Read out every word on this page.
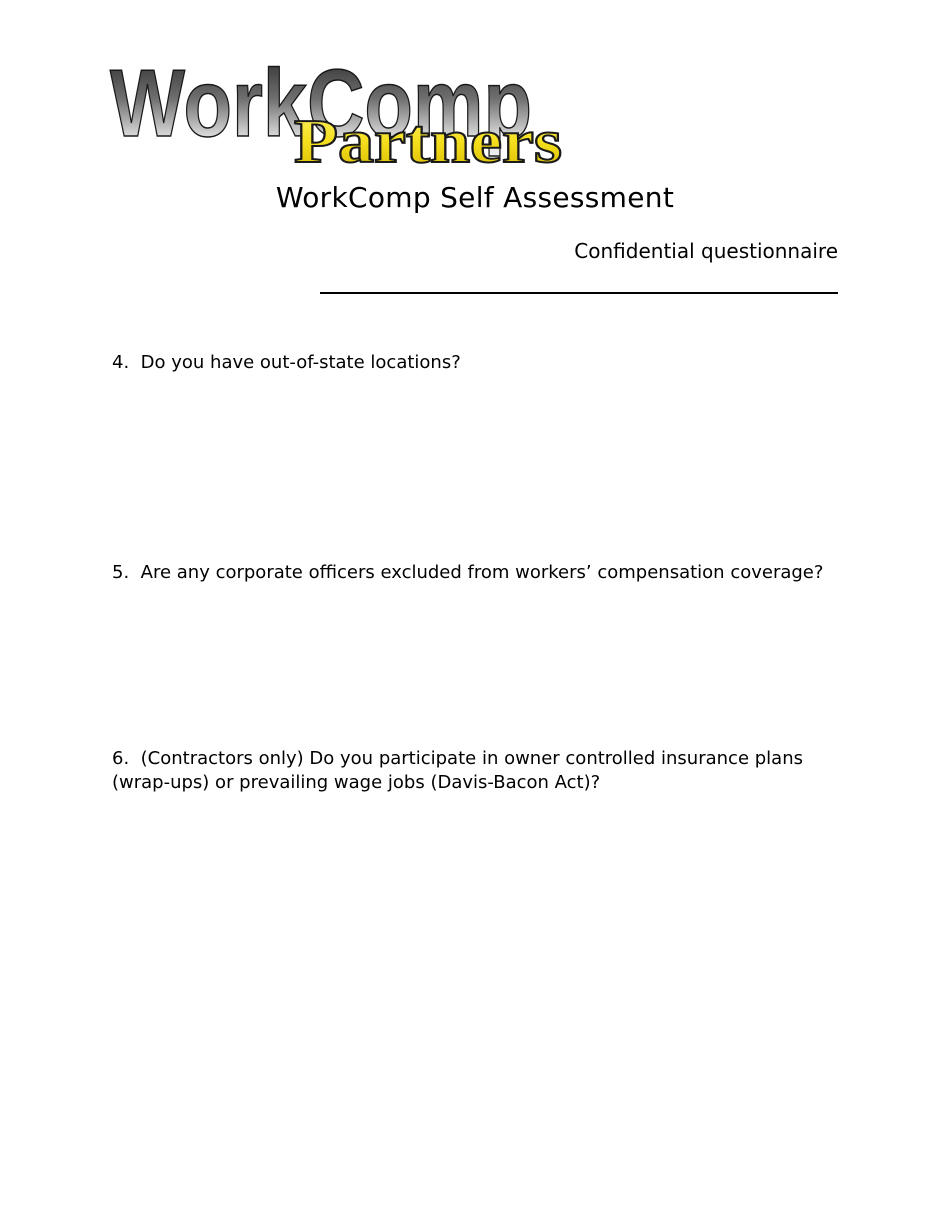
WorkComp
Partners
WorkComp Self Assessment
Confidential questionnaire

4. Do you have out-of-state locations?

5. Are any corporate officers excluded from workers’ compensation coverage?

6. (Contractors only) Do you participate in owner controlled insurance plans (wrap-ups) or prevailing wage jobs (Davis-Bacon Act)?
